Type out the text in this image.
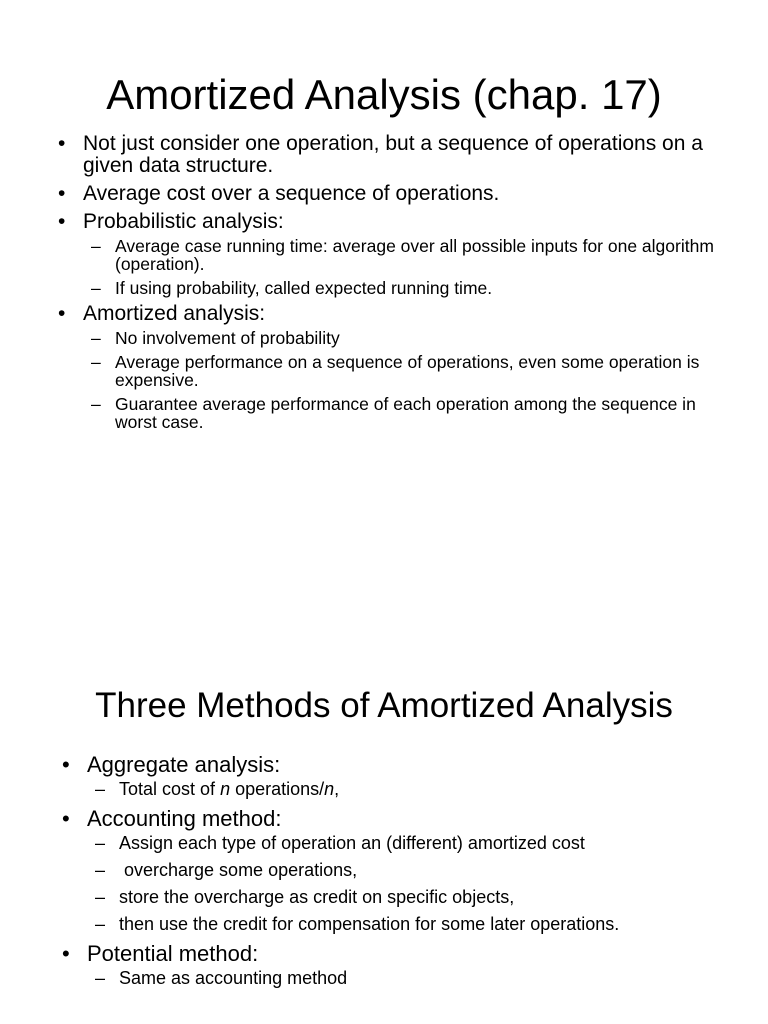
Amortized Analysis (chap. 17)
• Not just consider one operation, but a sequence of operations on a given data structure.
• Average cost over a sequence of operations.
• Probabilistic analysis:
– Average case running time: average over all possible inputs for one algorithm (operation).
– If using probability, called expected running time.
• Amortized analysis:
– No involvement of probability
– Average performance on a sequence of operations, even some operation is expensive.
– Guarantee average performance of each operation among the sequence in worst case.
Three Methods of Amortized Analysis
• Aggregate analysis:
– Total cost of n operations/n,
• Accounting method:
– Assign each type of operation an (different) amortized cost
– overcharge some operations,
– store the overcharge as credit on specific objects,
– then use the credit for compensation for some later operations.
• Potential method:
– Same as accounting method
